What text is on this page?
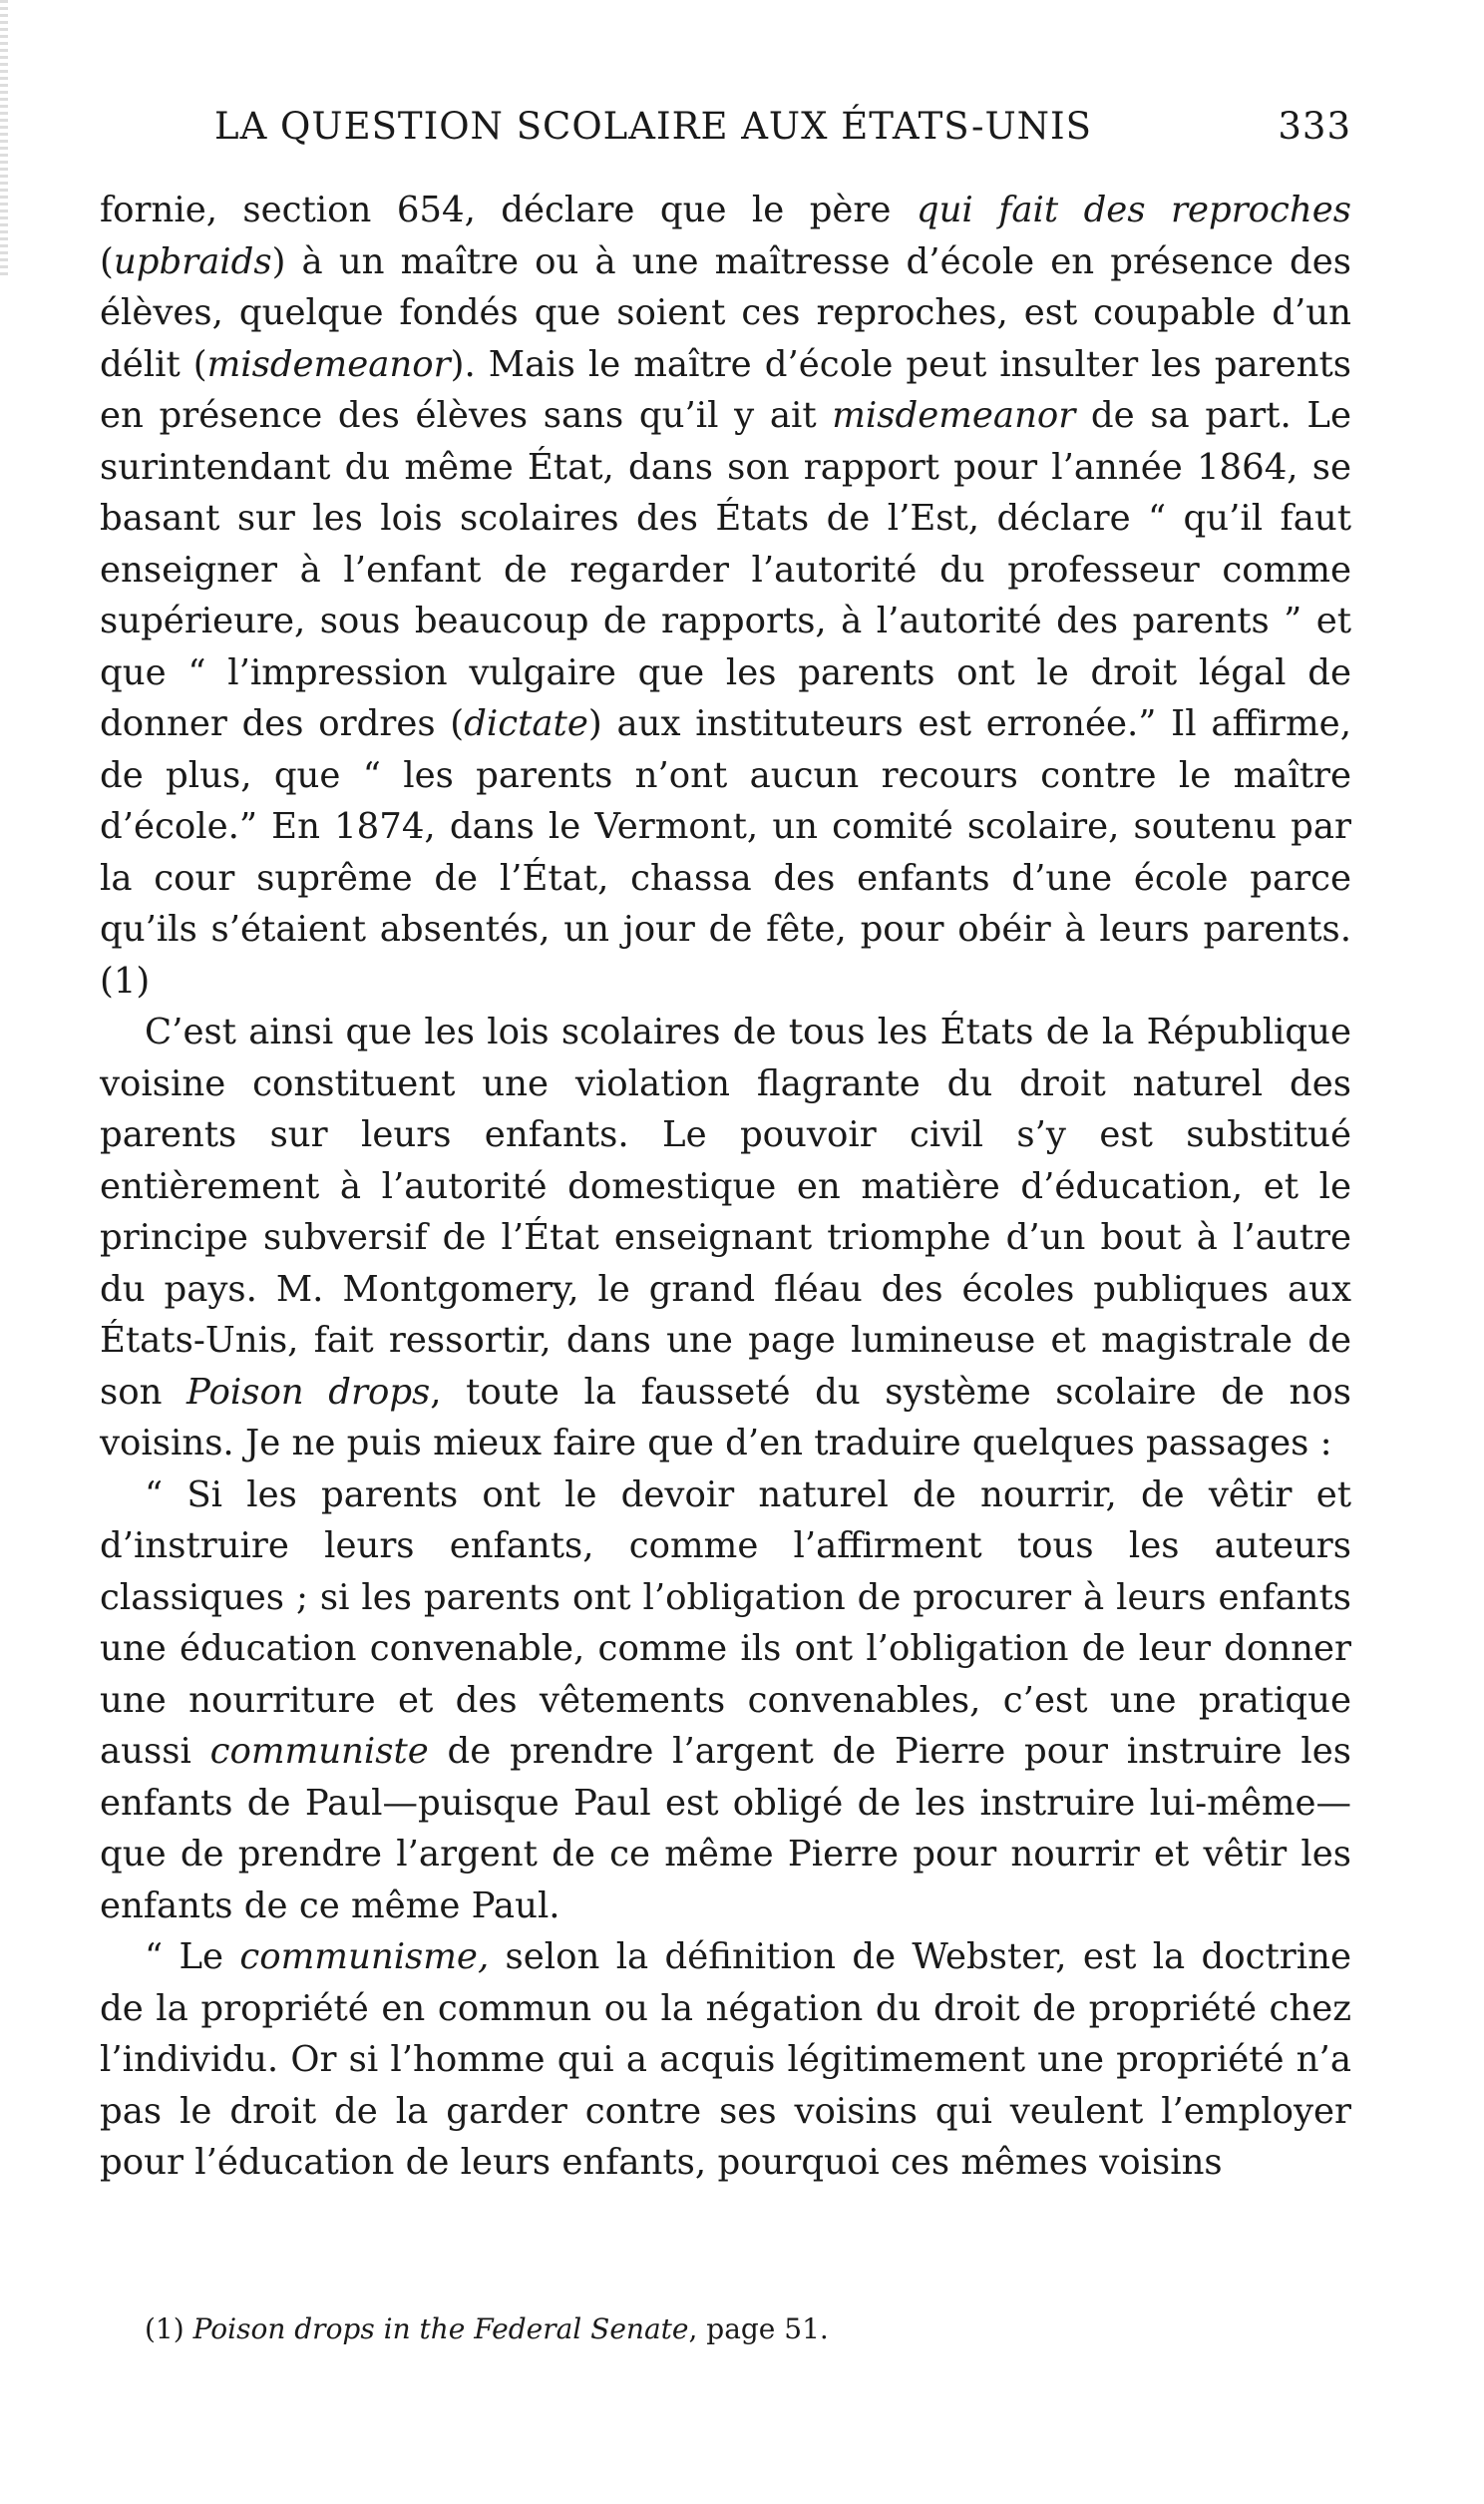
LA QUESTION SCOLAIRE AUX ÉTATS-UNIS	333

fornie, section 654, déclare que le père qui fait des reproches (upbraids) à un maître ou à une maîtresse d’école en présence des élèves, quelque fondés que soient ces reproches, est coupable d’un délit (misdemeanor). Mais le maître d’école peut insulter les parents en présence des élèves sans qu’il y ait misdemeanor de sa part. Le surintendant du même État, dans son rapport pour l’année 1864, se basant sur les lois scolaires des États de l’Est, déclare “ qu’il faut enseigner à l’enfant de regarder l’autorité du professeur comme supérieure, sous beaucoup de rapports, à l’autorité des parents ” et que “ l’impression vulgaire que les parents ont le droit légal de donner des ordres (dictate) aux instituteurs est erronée.” Il affirme, de plus, que “ les parents n’ont aucun recours contre le maître d’école.” En 1874, dans le Vermont, un comité scolaire, soutenu par la cour suprême de l’État, chassa des enfants d’une école parce qu’ils s’étaient absentés, un jour de fête, pour obéir à leurs parents. (1)

C’est ainsi que les lois scolaires de tous les États de la République voisine constituent une violation flagrante du droit naturel des parents sur leurs enfants. Le pouvoir civil s’y est substitué entièrement à l’autorité domestique en matière d’éducation, et le principe subversif de l’État enseignant triomphe d’un bout à l’autre du pays. M. Montgomery, le grand fléau des écoles publiques aux États-Unis, fait ressortir, dans une page lumineuse et magistrale de son Poison drops, toute la fausseté du système scolaire de nos voisins. Je ne puis mieux faire que d’en traduire quelques passages :

“ Si les parents ont le devoir naturel de nourrir, de vêtir et d’instruire leurs enfants, comme l’affirment tous les auteurs classiques ; si les parents ont l’obligation de procurer à leurs enfants une éducation convenable, comme ils ont l’obligation de leur donner une nourriture et des vêtements convenables, c’est une pratique aussi communiste de prendre l’argent de Pierre pour instruire les enfants de Paul—puisque Paul est obligé de les instruire lui-même—que de prendre l’argent de ce même Pierre pour nourrir et vêtir les enfants de ce même Paul.

“ Le communisme, selon la définition de Webster, est la doctrine de la propriété en commun ou la négation du droit de propriété chez l’individu. Or si l’homme qui a acquis légitimement une propriété n’a pas le droit de la garder contre ses voisins qui veulent l’employer pour l’éducation de leurs enfants, pourquoi ces mêmes voisins

(1) Poison drops in the Federal Senate, page 51.
